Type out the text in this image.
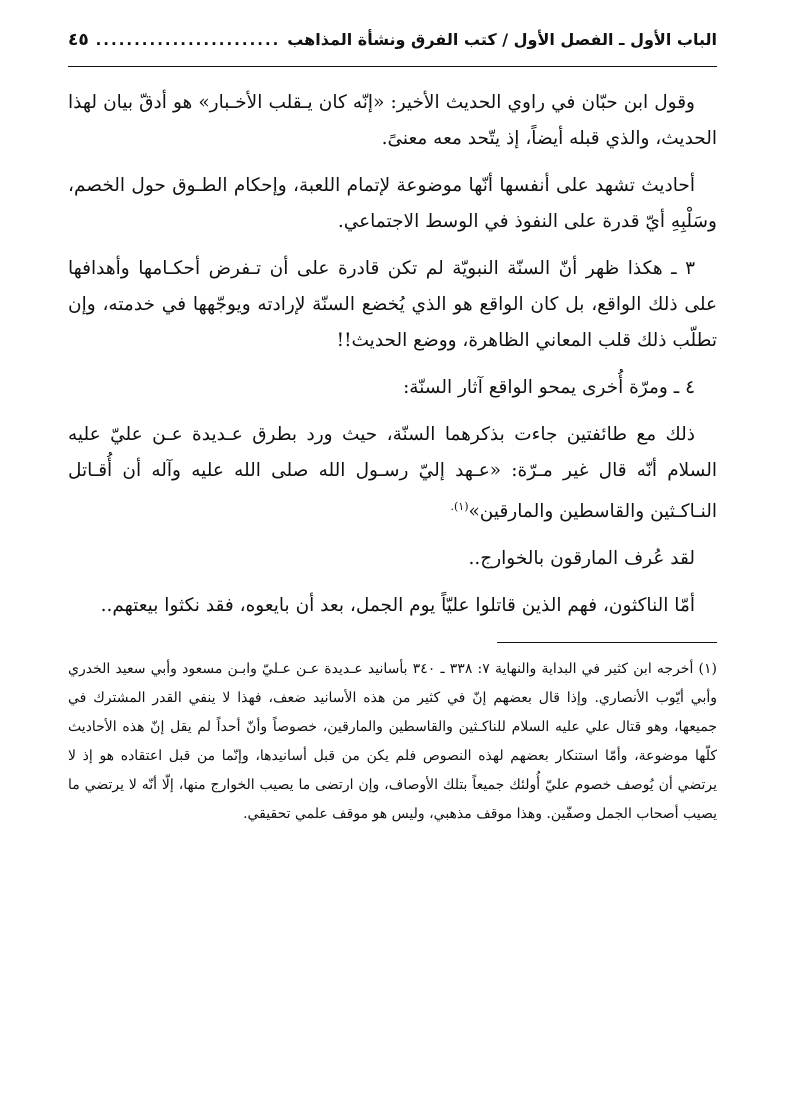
الباب الأول ـ الفصل الأول / كتب الفرق ونشأة المذاهب
........................
٤٥

وقول ابن حبّان في راوي الحديث الأخير: «إنّه كان يـقلب الأخـبار» هو أدقّ بيان لهذا الحديث، والذي قبله أيضاً، إذ يتّحد معه معنىً.

أحاديث تشهد على أنفسها أنّها موضوعة لإتمام اللعبة، وإحكام الطـوق حول الخصم، وسَلْبِهِ أيّ قدرة على النفوذ في الوسط الاجتماعي.

٣ ـ هكذا ظهر أنّ السنّة النبويّة لم تكن قادرة على أن تـفرض أحكـامها وأهدافها على ذلك الواقع، بل كان الواقع هو الذي يُخضع السنّة لإرادته ويوجّهها في خدمته، وإن تطلّب ذلك قلب المعاني الظاهرة، ووضع الحديث!!

٤ ـ ومرّة أُخرى يمحو الواقع آثار السنّة:

ذلك مع طائفتين جاءت بذكرهما السنّة، حيث ورد بطرق عـديدة عـن عليّ عليه السلام أنّه قال غير مـرّة: «عـهد إليّ رسـول الله صلى الله عليه وآله أن أُقـاتل النـاكـثين والقاسطين والمارقين»$^{(١).}$

لقد عُرف المارقون بالخوارج..

أمّا الناكثون، فهم الذين قاتلوا عليّاً يوم الجمل، بعد أن بايعوه، فقد نكثوا بيعتهم..

(١) أخرجه ابن كثير في البداية والنهاية ٧: ٣٣٨ ـ ٣٤٠ بأسانيد عـديدة عـن عـليّ وابـن مسعود وأبي سعيد الخدري وأبي أيّوب الأنصاري. وإذا قال بعضهم إنّ في كثير من هذه الأسانيد ضعف، فهذا لا ينفي القدر المشترك في جميعها، وهو قتال علي عليه السلام للناكـثين والقاسطين والمارقين، خصوصاً وأنّ أحداً لم يقل إنّ هذه الأحاديث كلّها موضوعة، وأمّا استنكار بعضهم لهذه النصوص فلم يكن من قبل أسانيدها، وإنّما من قبل اعتقاده هو إذ لا يرتضي أن يُوصف خصوم عليّ أُولئك جميعاً بتلك الأوصاف، وإن ارتضى ما يصيب الخوارج منها، إلّا أنّه لا يرتضي ما يصيب أصحاب الجمل وصفّين. وهذا موقف مذهبي، وليس هو موقف علمي تحقيقي.
